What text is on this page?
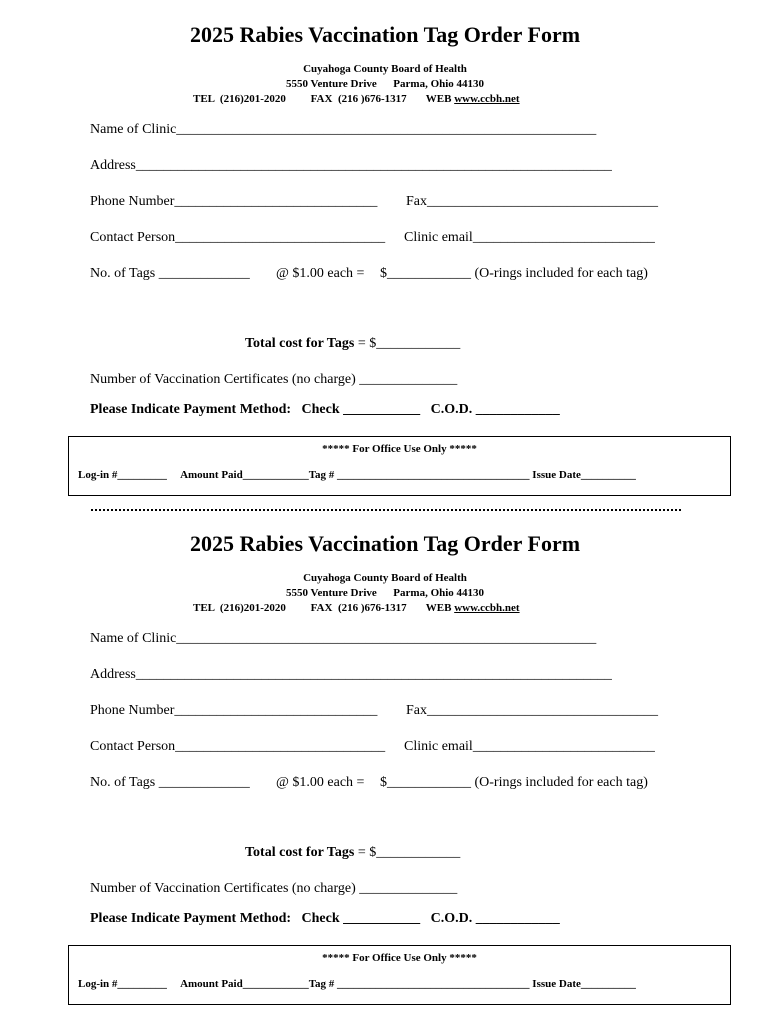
2025 Rabies Vaccination Tag Order Form
Cuyahoga County Board of Health
5550 Venture Drive      Parma, Ohio 44130
TEL  (216)201-2020 FAX  (216 )676-1317 WEB www.ccbh.net
Name of Clinic____________________________________________________________
Address____________________________________________________________________
Phone Number_____________________________ Fax_________________________________
Contact Person______________________________ Clinic email__________________________
No. of Tags _____________ @ $1.00 each = $____________ (O-rings included for each tag)
Total cost for Tags = $____________
Number of Vaccination Certificates (no charge) ______________
Please Indicate Payment Method:   Check ___________   C.O.D. ____________
***** For Office Use Only *****
Log-in #_________     Amount Paid____________Tag # ___________________________________ Issue Date__________
2025 Rabies Vaccination Tag Order Form
Cuyahoga County Board of Health
5550 Venture Drive      Parma, Ohio 44130
TEL  (216)201-2020 FAX  (216 )676-1317 WEB www.ccbh.net
Name of Clinic____________________________________________________________
Address____________________________________________________________________
Phone Number_____________________________ Fax_________________________________
Contact Person______________________________ Clinic email__________________________
No. of Tags _____________ @ $1.00 each = $____________ (O-rings included for each tag)
Total cost for Tags = $____________
Number of Vaccination Certificates (no charge) ______________
Please Indicate Payment Method:   Check ___________   C.O.D. ____________
***** For Office Use Only *****
Log-in #_________     Amount Paid____________Tag # ___________________________________ Issue Date__________
